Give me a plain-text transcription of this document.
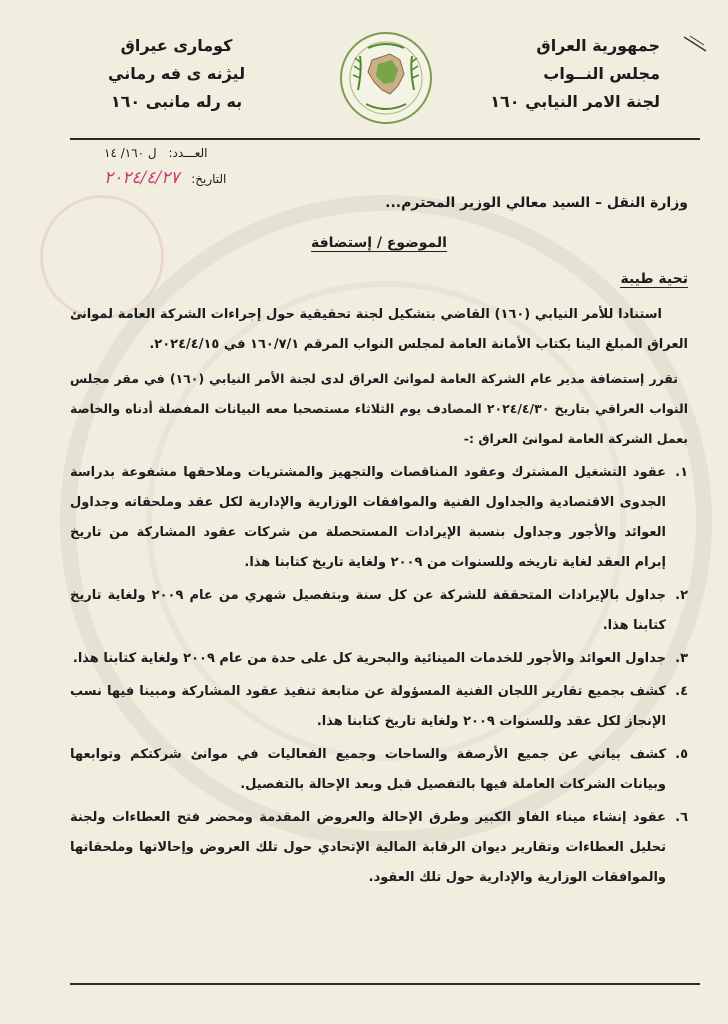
جمهورية العراق
مجلس النــواب
لجنة الامر النيابي ١٦٠
كوماری عیراق
ليژنه ى فه رماني
به رله مانبى ١٦٠
العـــدد: ل ١٦٠/ ١٤
التاريخ: ٢٠٢٤/٤/٢٧

وزارة النقل – السيد معالي الوزير المحترم...

الموضوع / إستضافة

تحية طيبة

استنادا للأمر النيابي (١٦٠) القاضي بتشكيل لجنة تحقيقية حول إجراءات الشركة العامة لموانئ العراق المبلغ الينا بكتاب الأمانة العامة لمجلس النواب المرقم ١٦٠/٧/١ في ٢٠٢٤/٤/١٥.

تقرر إستضافة مدير عام الشركة العامة لموانئ العراق لدى لجنة الأمر النيابي (١٦٠) في مقر مجلس النواب العراقي بتاريخ ٢٠٢٤/٤/٣٠ المصادف يوم الثلاثاء مستصحبا معه البيانات المفصلة أدناه والخاصة بعمل الشركة العامة لموانئ العراق :-

١.
عقود التشغيل المشترك وعقود المناقصات والتجهيز والمشتريات وملاحقها مشفوعة بدراسة الجدوى الاقتصادية والجداول الفنية والموافقات الوزارية والإدارية لكل عقد وملحقاته وجداول العوائد والأجور وجداول بنسبة الإيرادات المستحصلة من شركات عقود المشاركة من تاريخ إبرام العقد لغاية تاريخه وللسنوات من ٢٠٠٩ ولغاية تاريخ كتابنا هذا.
٢.
جداول بالإيرادات المتحققة للشركة عن كل سنة وبتفصيل شهري من عام ٢٠٠٩ ولغاية تاريخ كتابنا هذا.
٣.
جداول العوائد والأجور للخدمات المينائية والبحرية كل على حدة من عام ٢٠٠٩ ولغاية كتابنا هذا.
٤.
كشف بجميع تقارير اللجان الفنية المسؤولة عن متابعة تنفيذ عقود المشاركة ومبينا فيها نسب الإنجاز لكل عقد وللسنوات ٢٠٠٩ ولغاية تاريخ كتابنا هذا.
٥.
كشف بياني عن جميع الأرصفة والساحات وجميع الفعاليات في موانئ شركتكم وتوابعها وبيانات الشركات العاملة فيها بالتفصيل قبل وبعد الإحالة بالتفصيل.
٦.
عقود إنشاء ميناء الفاو الكبير وطرق الإحالة والعروض المقدمة ومحضر فتح العطاءات ولجنة تحليل العطاءات وتقارير ديوان الرقابة المالية الإتحادي حول تلك العروض وإحالاتها وملحقاتها والموافقات الوزارية والإدارية حول تلك العقود.
